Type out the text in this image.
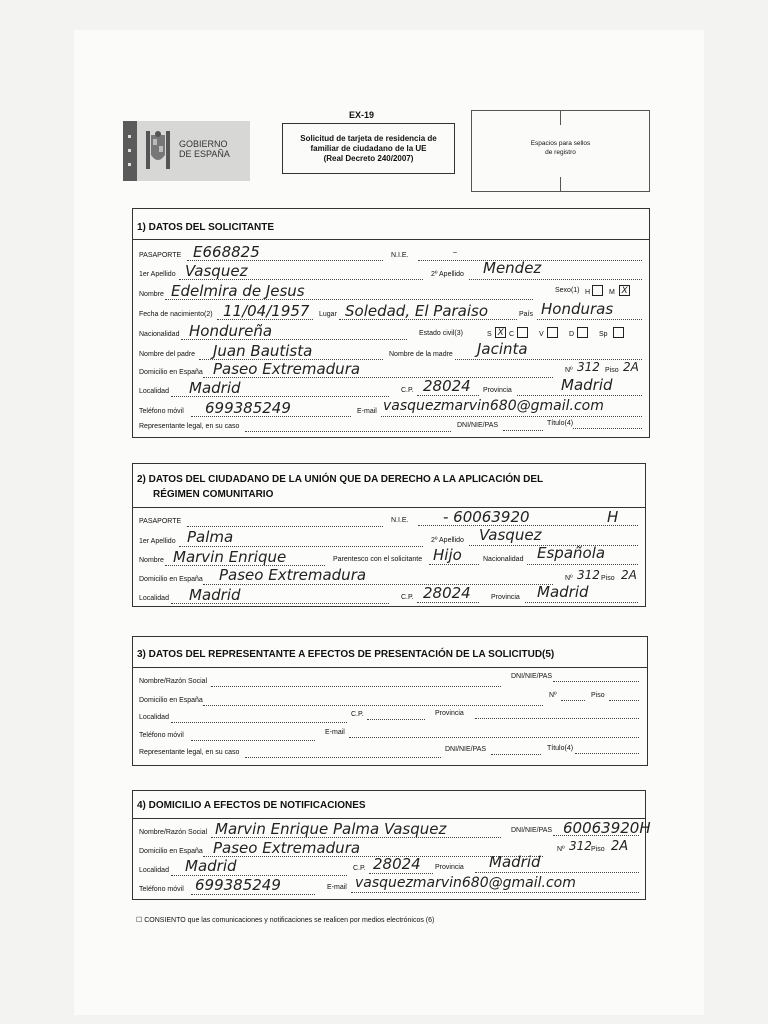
EX-19
GOBIERNO
DE ESPAÑA
Solicitud de tarjeta de residencia de
familiar de ciudadano de la UE
(Real Decreto 240/2007)
Espacios para sellos
de registro
1) DATOS DEL SOLICITANTE
PASAPORTE E668825	N.I.E.	–
1er Apellido Vasquez	2º Apellido Mendez
Nombre Edelmira de Jesus	Sexo(1) H	M X
Fecha de nacimiento(2) 11/04/1957 Lugar Soledad, El Paraiso	País Honduras
Nacionalidad Hondureña	Estado civil(3)	S X C	V	D	Sp
Nombre del padre Juan Bautista	Nombre de la madre Jacinta
Domicilio en España Paseo Extremadura	Nº 312 Piso 2A
Localidad Madrid	C.P. 28024 Provincia	Madrid
Teléfono móvil 699385249	E-mail vasquezmarvin680@gmail.com
Representante legal, en su caso	DNI/NIE/PAS	Título(4)
2) DATOS DEL CIUDADANO DE LA UNIÓN QUE DA DERECHO A LA APLICACIÓN DEL
RÉGIMEN COMUNITARIO
PASAPORTE	N.I.E. - 60063920	H
1er Apellido Palma	2º Apellido Vasquez
Nombre Marvin Enrique	Parentesco con el solicitante Hijo	Nacionalidad Española
Domicilio en España Paseo Extremadura	Nº 312 Piso 2A
Localidad Madrid	C.P. 28024	Provincia Madrid
3) DATOS DEL REPRESENTANTE A EFECTOS DE PRESENTACIÓN DE LA SOLICITUD(5)
Nombre/Razón Social
DNI/NIE/PAS
Domicilio en España
Nº	Piso
Localidad	C.P.	Provincia
Teléfono móvil	E-mail
Representante legal, en su caso	DNI/NIE/PAS	Título(4)
4) DOMICILIO A EFECTOS DE NOTIFICACIONES
Nombre/Razón Social Marvin Enrique Palma Vasquez	DNI/NIE/PAS 60063920H
Domicilio en España Paseo Extremadura	Nº 312 Piso 2A
Localidad Madrid	C.P. 28024 Provincia Madrid
Teléfono móvil 699385249	E-mail vasquezmarvin680@gmail.com
☐ CONSIENTO que las comunicaciones y notificaciones se realicen por medios electrónicos (6)
